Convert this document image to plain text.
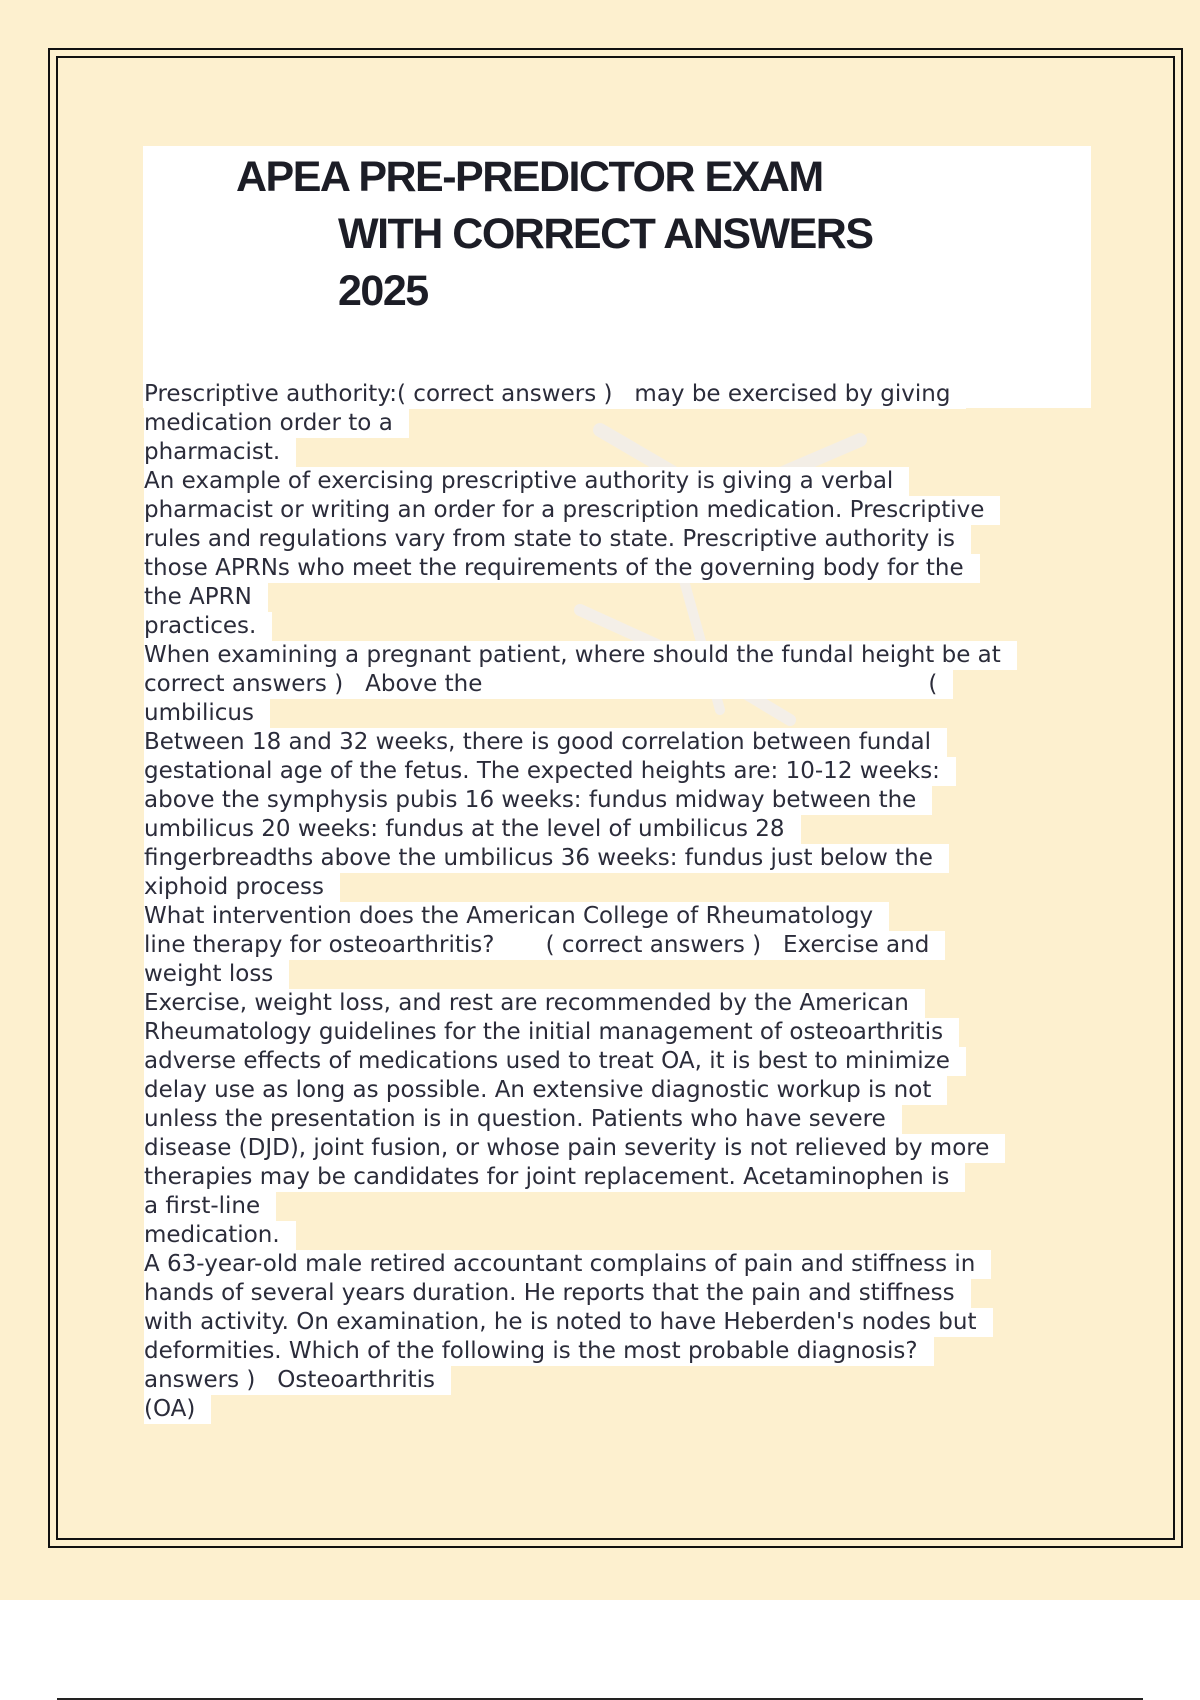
APEA PRE-PREDICTOR EXAM
WITH CORRECT ANSWERS
2025
Prescriptive authority:( correct answers )   may be exercised by giving
medication order to a
pharmacist.
An example of exercising prescriptive authority is giving a verbal
pharmacist or writing an order for a prescription medication. Prescriptive
rules and regulations vary from state to state. Prescriptive authority is
those APRNs who meet the requirements of the governing body for the
the APRN
practices.
When examining a pregnant patient, where should the fundal height be at
correct answers )   Above the                                                             (
umbilicus
Between 18 and 32 weeks, there is good correlation between fundal
gestational age of the fetus. The expected heights are: 10-12 weeks:
above the symphysis pubis 16 weeks: fundus midway between the
umbilicus 20 weeks: fundus at the level of umbilicus 28
fingerbreadths above the umbilicus 36 weeks: fundus just below the
xiphoid process
What intervention does the American College of Rheumatology
line therapy for osteoarthritis?       ( correct answers )   Exercise and
weight loss
Exercise, weight loss, and rest are recommended by the American
Rheumatology guidelines for the initial management of osteoarthritis
adverse effects of medications used to treat OA, it is best to minimize
delay use as long as possible. An extensive diagnostic workup is not
unless the presentation is in question. Patients who have severe
disease (DJD), joint fusion, or whose pain severity is not relieved by more
therapies may be candidates for joint replacement. Acetaminophen is
a first-line
medication.
A 63-year-old male retired accountant complains of pain and stiffness in
hands of several years duration. He reports that the pain and stiffness
with activity. On examination, he is noted to have Heberden's nodes but
deformities. Which of the following is the most probable diagnosis?
answers )   Osteoarthritis
(OA)
